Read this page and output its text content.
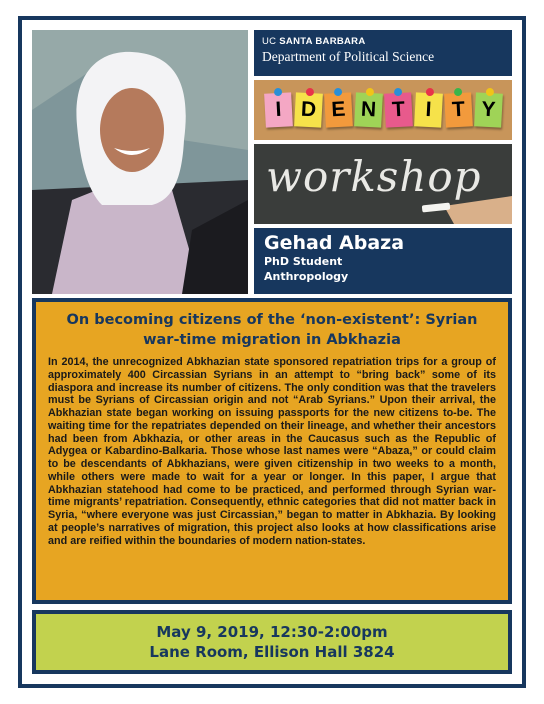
UC SANTA BARBARA
Department of Political Science
I D E N T I T Y
workshop
Gehad Abaza
PhD Student
Anthropology
On becoming citizens of the ‘non-existent’: Syrian war-time migration in Abkhazia

In 2014, the unrecognized Abkhazian state sponsored repatriation trips for a group of approximately 400 Circassian Syrians in an attempt to “bring back” some of its diaspora and increase its number of citizens. The only condition was that the travelers must be Syrians of Circassian origin and not “Arab Syrians.” Upon their arrival, the Abkhazian state began working on issuing passports for the new citizens to-be. The waiting time for the repatriates depended on their lineage, and whether their ancestors had been from Abkhazia, or other areas in the Caucasus such as the Republic of Adygea or Kabardino-Balkaria. Those whose last names were “Abaza,” or could claim to be descendants of Abkhazians, were given citizenship in two weeks to a month, while others were made to wait for a year or longer. In this paper, I argue that Abkhazian statehood had come to be practiced, and performed through Syrian war-time migrants’ repatriation. Consequently, ethnic categories that did not matter back in Syria, “where everyone was just Circassian,” began to matter in Abkhazia. By looking at people’s narratives of migration, this project also looks at how classifications arise and are reified within the boundaries of modern nation-states.

May 9, 2019, 12:30-2:00pm
Lane Room, Ellison Hall 3824
